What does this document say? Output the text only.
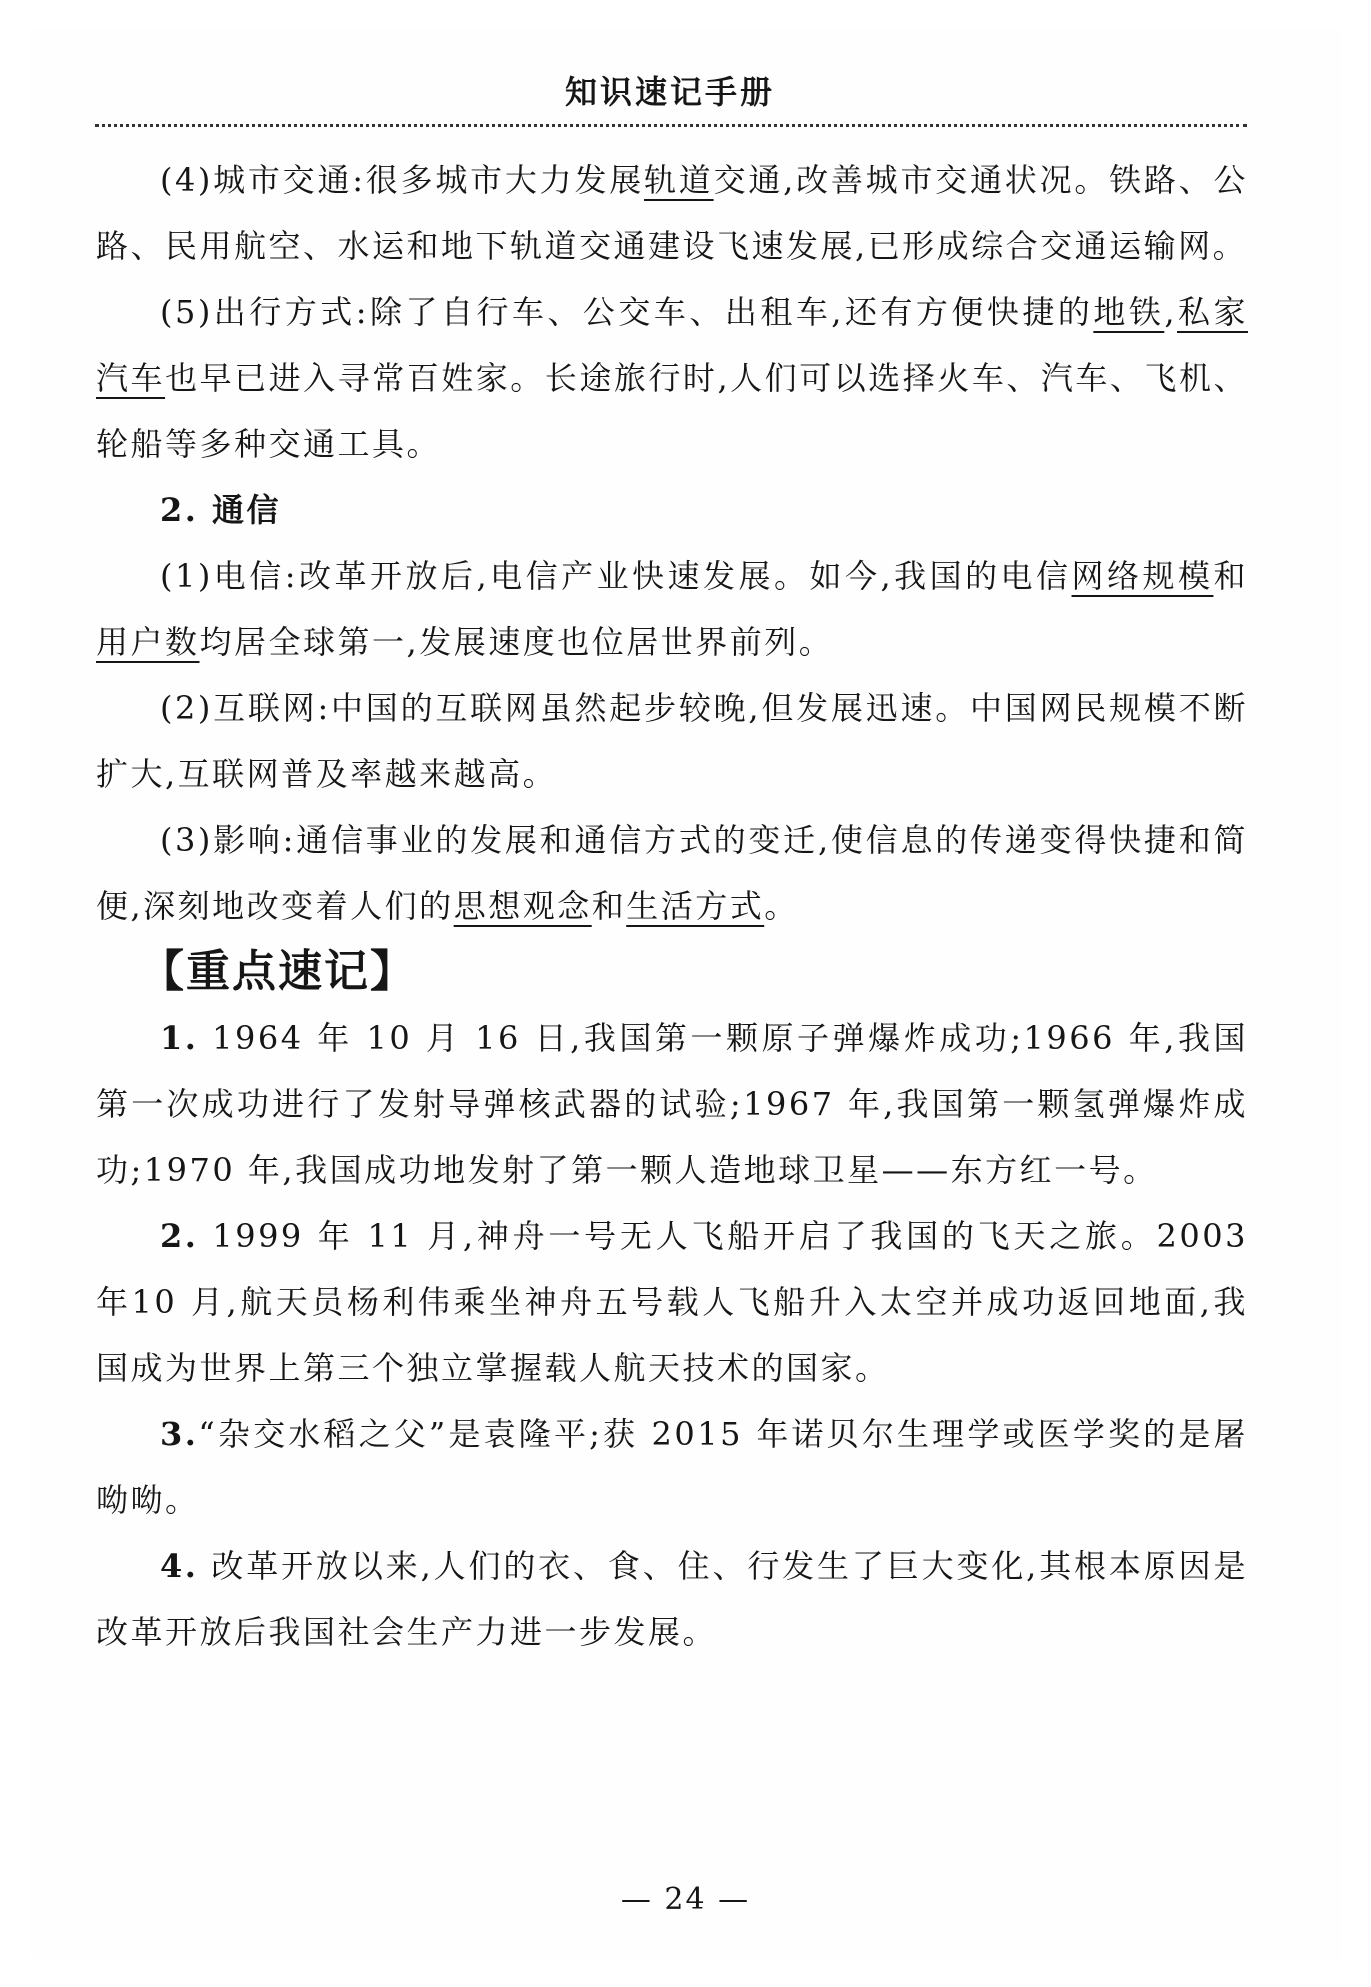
知识速记手册

(4)城市交通:很多城市大力发展轨道交通,改善城市交通状况。铁路、公路、民用航空、水运和地下轨道交通建设飞速发展,已形成综合交通运输网。

(5)出行方式:除了自行车、公交车、出租车,还有方便快捷的地铁,私家汽车也早已进入寻常百姓家。长途旅行时,人们可以选择火车、汽车、飞机、轮船等多种交通工具。

2. 通信

(1)电信:改革开放后,电信产业快速发展。如今,我国的电信网络规模和用户数均居全球第一,发展速度也位居世界前列。

(2)互联网:中国的互联网虽然起步较晚,但发展迅速。中国网民规模不断扩大,互联网普及率越来越高。

(3)影响:通信事业的发展和通信方式的变迁,使信息的传递变得快捷和简便,深刻地改变着人们的思想观念和生活方式。

【重点速记】

1. 1964 年 10 月 16 日,我国第一颗原子弹爆炸成功;1966 年,我国第一次成功进行了发射导弹核武器的试验;1967 年,我国第一颗氢弹爆炸成功;1970 年,我国成功地发射了第一颗人造地球卫星——东方红一号。

2. 1999 年 11 月,神舟一号无人飞船开启了我国的飞天之旅。2003 年10 月,航天员杨利伟乘坐神舟五号载人飞船升入太空并成功返回地面,我国成为世界上第三个独立掌握载人航天技术的国家。

3.“杂交水稻之父”是袁隆平;获 2015 年诺贝尔生理学或医学奖的是屠呦呦。

4. 改革开放以来,人们的衣、食、住、行发生了巨大变化,其根本原因是改革开放后我国社会生产力进一步发展。

— 24 —
